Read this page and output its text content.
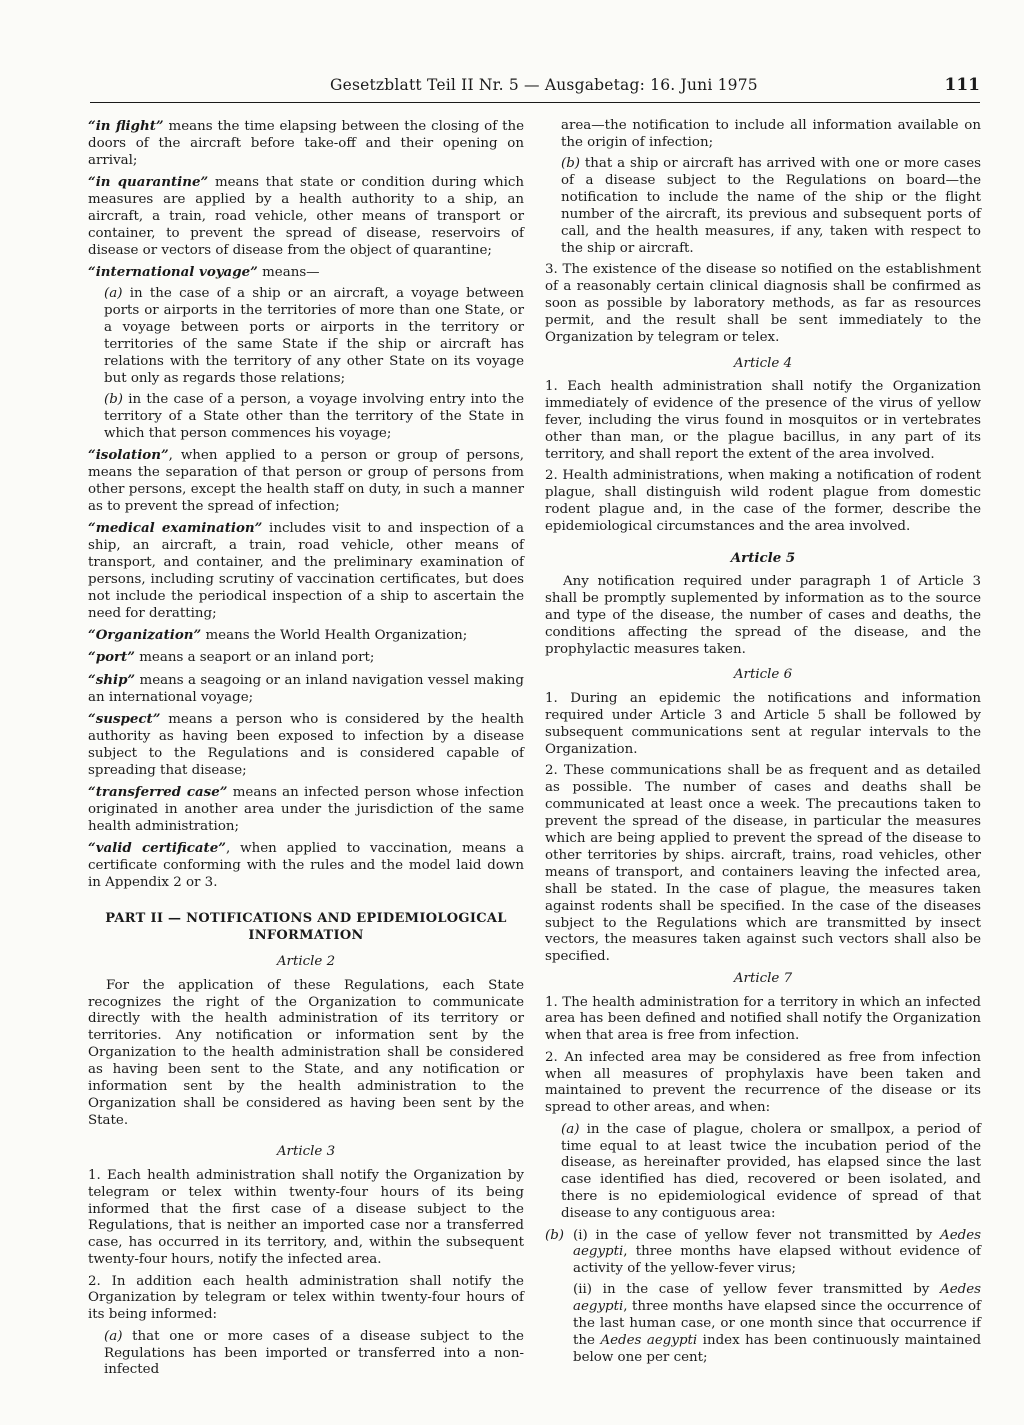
Gesetzblatt Teil II Nr. 5 — Ausgabetag: 16. Juni 1975	111

“in flight” means the time elapsing between the closing of the doors of the aircraft before take-off and their opening on arrival;

“in quarantine” means that state or condition during which measures are applied by a health authority to a ship, an aircraft, a train, road vehicle, other means of transport or container, to prevent the spread of disease, reservoirs of disease or vectors of disease from the object of quarantine;

“international voyage” means—

(a) in the case of a ship or an aircraft, a voyage between ports or airports in the territories of more than one State, or a voyage between ports or airports in the territory or territories of the same State if the ship or aircraft has relations with the territory of any other State on its voyage but only as regards those relations;

(b) in the case of a person, a voyage involving entry into the territory of a State other than the territory of the State in which that person commences his voyage;

“isolation”, when applied to a person or group of persons, means the separation of that person or group of persons from other persons, except the health staff on duty, in such a manner as to prevent the spread of infection;

“medical examination” includes visit to and inspection of a ship, an aircraft, a train, road vehicle, other means of transport, and container, and the preliminary examination of persons, including scrutiny of vaccination certificates, but does not include the periodical inspection of a ship to ascertain the need for deratting;

“Organization” means the World Health Organization;

“port” means a seaport or an inland port;

“ship” means a seagoing or an inland navigation vessel making an international voyage;

“suspect” means a person who is considered by the health authority as having been exposed to infection by a disease subject to the Regulations and is considered capable of spreading that disease;

“transferred case” means an infected person whose infection originated in another area under the jurisdiction of the same health administration;

“valid certificate”, when applied to vaccination, means a certificate conforming with the rules and the model laid down in Appendix 2 or 3.

PART II — NOTIFICATIONS AND EPIDEMIOLOGICAL INFORMATION
Article 2

For the application of these Regulations, each State recognizes the right of the Organization to communicate directly with the health administration of its territory or territories. Any notification or information sent by the Organization to the health administration shall be considered as having been sent to the State, and any notification or information sent by the health administration to the Organization shall be considered as having been sent by the State.

Article 3

1. Each health administration shall notify the Organization by telegram or telex within twenty-four hours of its being informed that the first case of a disease subject to the Regulations, that is neither an imported case nor a transferred case, has occurred in its territory, and, within the subsequent twenty-four hours, notify the infected area.

2. In addition each health administration shall notify the Organization by telegram or telex within twenty-four hours of its being informed:

(a) that one or more cases of a disease subject to the Regulations has been imported or transferred into a non-infected

area—the notification to include all information available on the origin of infection;

(b) that a ship or aircraft has arrived with one or more cases of a disease subject to the Regulations on board—the notification to include the name of the ship or the flight number of the aircraft, its previous and subsequent ports of call, and the health measures, if any, taken with respect to the ship or aircraft.

3. The existence of the disease so notified on the establishment of a reasonably certain clinical diagnosis shall be confirmed as soon as possible by laboratory methods, as far as resources permit, and the result shall be sent immediately to the Organization by telegram or telex.

Article 4

1. Each health administration shall notify the Organization immediately of evidence of the presence of the virus of yellow fever, including the virus found in mosquitos or in vertebrates other than man, or the plague bacillus, in any part of its territory, and shall report the extent of the area involved.

2. Health administrations, when making a notification of rodent plague, shall distinguish wild rodent plague from domestic rodent plague and, in the case of the former, describe the epidemiological circumstances and the area involved.

Article 5

Any notification required under paragraph 1 of Article 3 shall be promptly suplemented by information as to the source and type of the disease, the number of cases and deaths, the conditions affecting the spread of the disease, and the prophylactic measures taken.

Article 6

1. During an epidemic the notifications and information required under Article 3 and Article 5 shall be followed by subsequent communications sent at regular intervals to the Organization.

2. These communications shall be as frequent and as detailed as possible. The number of cases and deaths shall be communicated at least once a week. The precautions taken to prevent the spread of the disease, in particular the measures which are being applied to prevent the spread of the disease to other territories by ships. aircraft, trains, road vehicles, other means of transport, and containers leaving the infected area, shall be stated. In the case of plague, the measures taken against rodents shall be specified. In the case of the diseases subject to the Regulations which are transmitted by insect vectors, the measures taken against such vectors shall also be specified.

Article 7

1. The health administration for a territory in which an infected area has been defined and notified shall notify the Organization when that area is free from infection.

2. An infected area may be considered as free from infection when all measures of prophylaxis have been taken and maintained to prevent the recurrence of the disease or its spread to other areas, and when:

(a) in the case of plague, cholera or smallpox, a period of time equal to at least twice the incubation period of the disease, as hereinafter provided, has elapsed since the last case identified has died, recovered or been isolated, and there is no epidemiological evidence of spread of that disease to any contiguous area:

(b) (i) in the case of yellow fever not transmitted by Aedes aegypti, three months have elapsed without evidence of activity of the yellow-fever virus;

(ii) in the case of yellow fever transmitted by Aedes aegypti, three months have elapsed since the occurrence of the last human case, or one month since that occurrence if the Aedes aegypti index has been continuously maintained below one per cent;
